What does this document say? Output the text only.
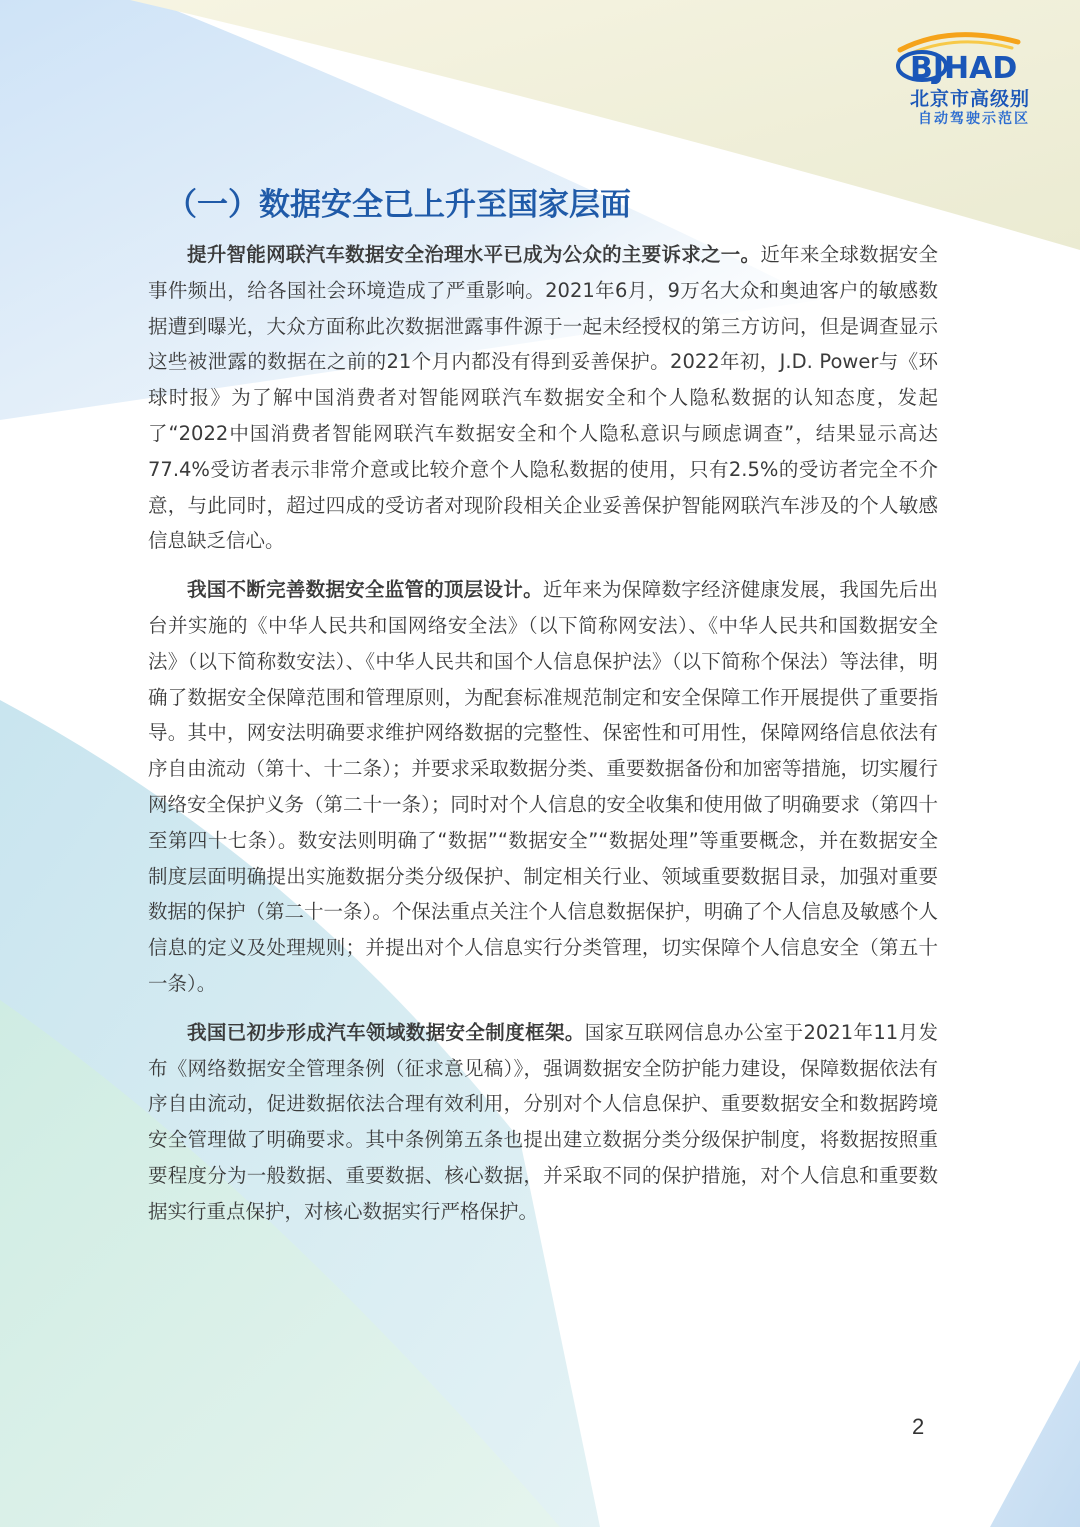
BJHAD
北京市高级别
自动驾驶示范区
（一）数据安全已上升至国家层面

提升智能网联汽车数据安全治理水平已成为公众的主要诉求之一。近年来全球数据安全事件频出，给各国社会环境造成了严重影响。2021年6月，9万名大众和奥迪客户的敏感数据遭到曝光，大众方面称此次数据泄露事件源于一起未经授权的第三方访问，但是调查显示这些被泄露的数据在之前的21个月内都没有得到妥善保护。2022年初，J.D. Power与《环球时报》为了解中国消费者对智能网联汽车数据安全和个人隐私数据的认知态度，发起了“2022中国消费者智能网联汽车数据安全和个人隐私意识与顾虑调查”，结果显示高达77.4%受访者表示非常介意或比较介意个人隐私数据的使用，只有2.5%的受访者完全不介意，与此同时，超过四成的受访者对现阶段相关企业妥善保护智能网联汽车涉及的个人敏感信息缺乏信心。

我国不断完善数据安全监管的顶层设计。近年来为保障数字经济健康发展，我国先后出台并实施的《中华人民共和国网络安全法》（以下简称网安法）、《中华人民共和国数据安全法》（以下简称数安法）、《中华人民共和国个人信息保护法》（以下简称个保法）等法律，明确了数据安全保障范围和管理原则，为配套标准规范制定和安全保障工作开展提供了重要指导。其中，网安法明确要求维护网络数据的完整性、保密性和可用性，保障网络信息依法有序自由流动（第十、十二条）；并要求采取数据分类、重要数据备份和加密等措施，切实履行网络安全保护义务（第二十一条）；同时对个人信息的安全收集和使用做了明确要求（第四十至第四十七条）。数安法则明确了“数据”“数据安全”“数据处理”等重要概念，并在数据安全制度层面明确提出实施数据分类分级保护、制定相关行业、领域重要数据目录，加强对重要数据的保护（第二十一条）。个保法重点关注个人信息数据保护，明确了个人信息及敏感个人信息的定义及处理规则；并提出对个人信息实行分类管理，切实保障个人信息安全（第五十一条）。

我国已初步形成汽车领域数据安全制度框架。国家互联网信息办公室于2021年11月发布《网络数据安全管理条例（征求意见稿）》，强调数据安全防护能力建设，保障数据依法有序自由流动，促进数据依法合理有效利用，分别对个人信息保护、重要数据安全和数据跨境安全管理做了明确要求。其中条例第五条也提出建立数据分类分级保护制度，将数据按照重要程度分为一般数据、重要数据、核心数据，并采取不同的保护措施，对个人信息和重要数据实行重点保护，对核心数据实行严格保护。

2
